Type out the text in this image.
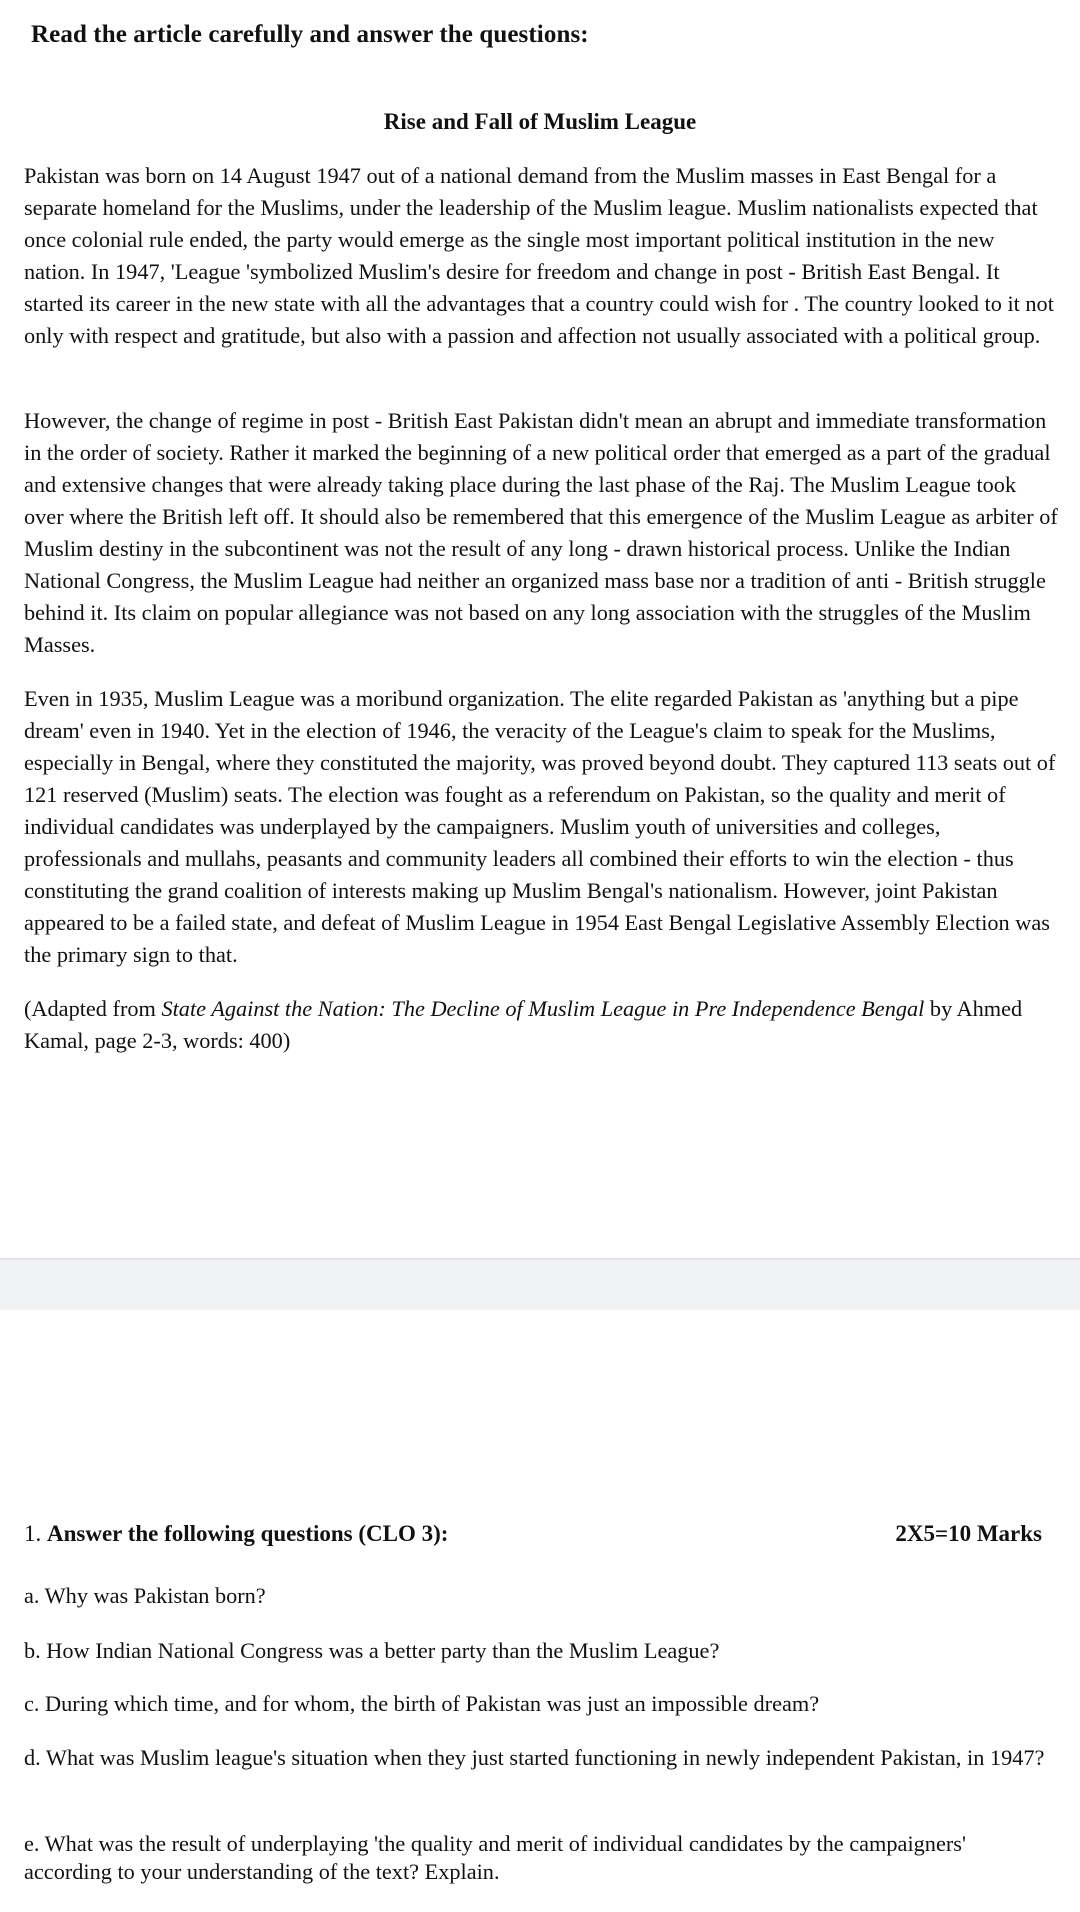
Read the article carefully and answer the questions:
Rise and Fall of Muslim League

Pakistan was born on 14 August 1947 out of a national demand from the Muslim masses in East Bengal for a separate homeland for the Muslims, under the leadership of the Muslim league. Muslim nationalists expected that once colonial rule ended, the party would emerge as the single most important political institution in the new nation. In 1947, 'League 'symbolized Muslim's desire for freedom and change in post - British East Bengal. It started its career in the new state with all the advantages that a country could wish for . The country looked to it not only with respect and gratitude, but also with a passion and affection not usually associated with a political group.

However, the change of regime in post - British East Pakistan didn't mean an abrupt and immediate transformation in the order of society. Rather it marked the beginning of a new political order that emerged as a part of the gradual and extensive changes that were already taking place during the last phase of the Raj. The Muslim League took over where the British left off. It should also be remembered that this emergence of the Muslim League as arbiter of Muslim destiny in the subcontinent was not the result of any long - drawn historical process. Unlike the Indian National Congress, the Muslim League had neither an organized mass base nor a tradition of anti - British struggle behind it. Its claim on popular allegiance was not based on any long association with the struggles of the Muslim Masses.

Even in 1935, Muslim League was a moribund organization. The elite regarded Pakistan as 'anything but a pipe dream' even in 1940. Yet in the election of 1946, the veracity of the League's claim to speak for the Muslims, especially in Bengal, where they constituted the majority, was proved beyond doubt. They captured 113 seats out of 121 reserved (Muslim) seats. The election was fought as a referendum on Pakistan, so the quality and merit of individual candidates was underplayed by the campaigners. Muslim youth of universities and colleges, professionals and mullahs, peasants and community leaders all combined their efforts to win the election - thus constituting the grand coalition of interests making up Muslim Bengal's nationalism. However, joint Pakistan appeared to be a failed state, and defeat of Muslim League in 1954 East Bengal Legislative Assembly Election was the primary sign to that.

(Adapted from State Against the Nation: The Decline of Muslim League in Pre Independence Bengal by Ahmed Kamal, page 2-3, words: 400)
1. Answer the following questions (CLO 3):	2X5=10 Marks
a. Why was Pakistan born?
b. How Indian National Congress was a better party than the Muslim League?
c. During which time, and for whom, the birth of Pakistan was just an impossible dream?
d. What was Muslim league's situation when they just started functioning in newly independent Pakistan, in 1947?
e. What was the result of underplaying 'the quality and merit of individual candidates by the campaigners' according to your understanding of the text? Explain.
